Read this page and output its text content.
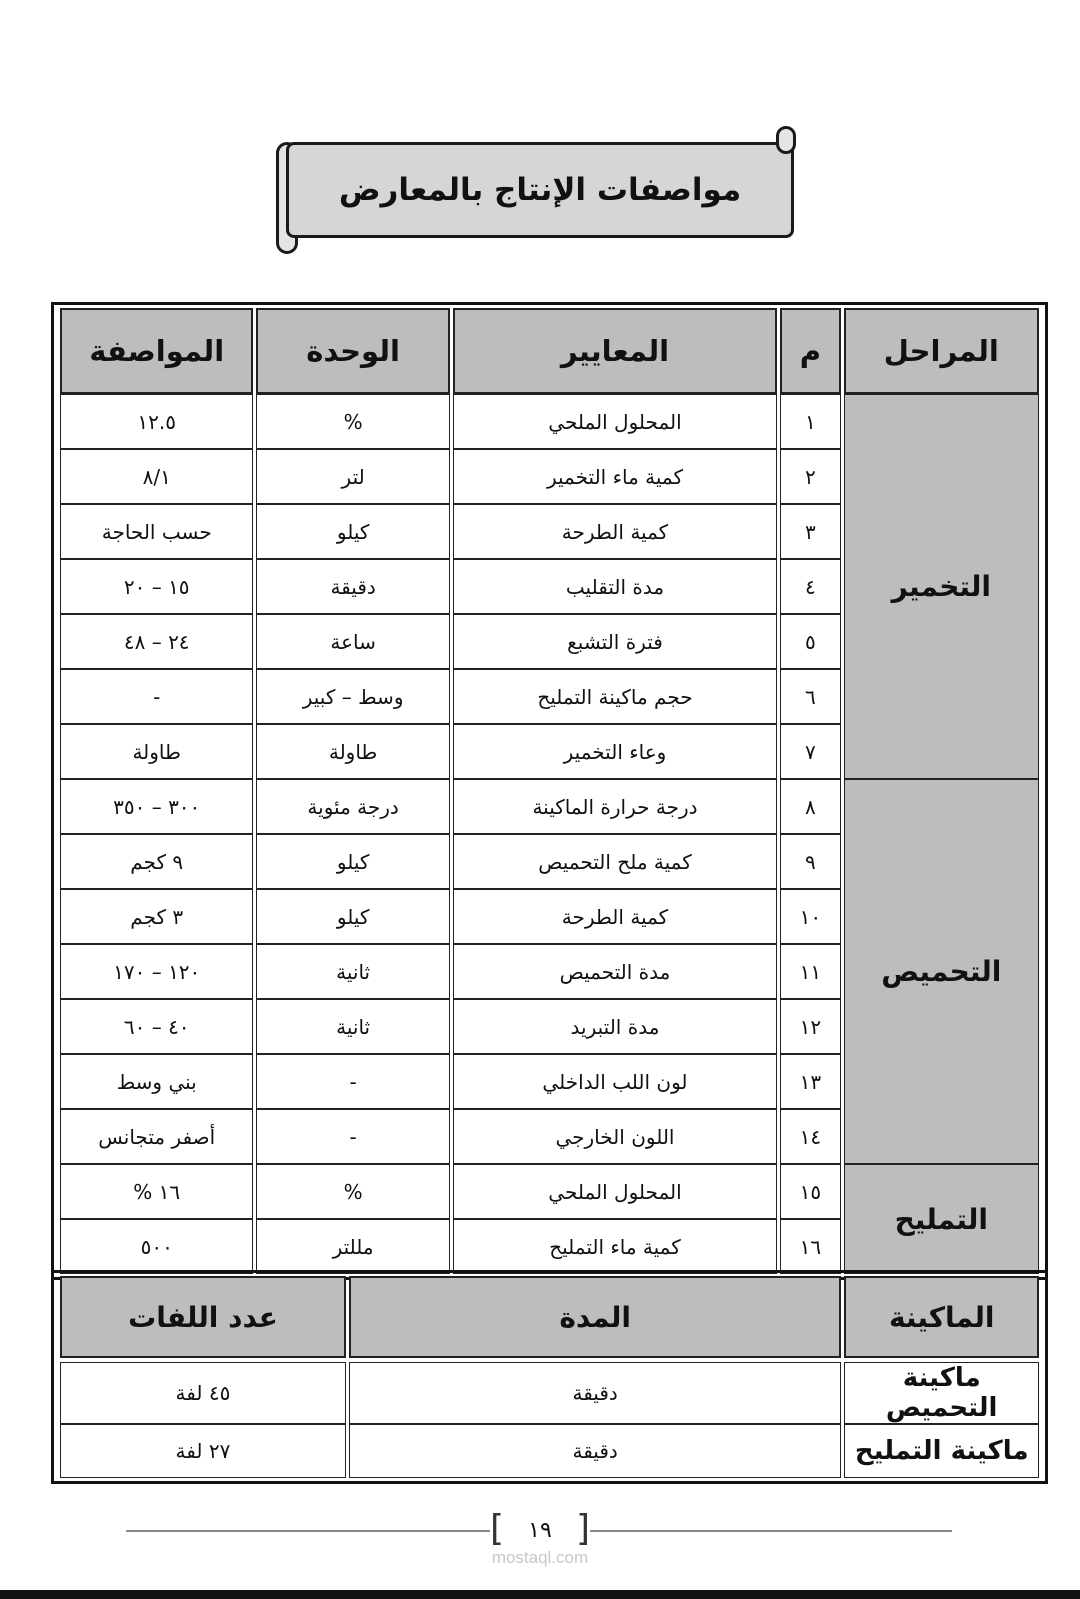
مواصفات الإنتاج بالمعارض
المراحل	م	المعايير	الوحدة	المواصفة
التخمير	١	المحلول الملحي	%	١٢.٥
	٢	كمية ماء التخمير	لتر	٨/١
	٣	كمية الطرحة	كيلو	حسب الحاجة
	٤	مدة التقليب	دقيقة	١٥ – ٢٠
	٥	فترة التشبع	ساعة	٢٤ – ٤٨
	٦	حجم ماكينة التمليح	وسط – كبير	-
	٧	وعاء التخمير	طاولة	طاولة
التحميص	٨	درجة حرارة الماكينة	درجة مئوية	٣٠٠ – ٣٥٠
	٩	كمية ملح التحميص	كيلو	٩ كجم
	١٠	كمية الطرحة	كيلو	٣ كجم
	١١	مدة التحميص	ثانية	١٢٠ – ١٧٠
	١٢	مدة التبريد	ثانية	٤٠ – ٦٠
	١٣	لون اللب الداخلي	-	بني وسط
	١٤	اللون الخارجي	-	أصفر متجانس
التمليح	١٥	المحلول الملحي	%	١٦ %
	١٦	كمية ماء التمليح	مللتر	٥٠٠
الماكينة	المدة	عدد اللفات

ماكينة التحميص	دقيقة	٤٥ لفة
ماكينة التمليح	دقيقة	٢٧ لفة
[ ١٩ ]
mostaql.com
